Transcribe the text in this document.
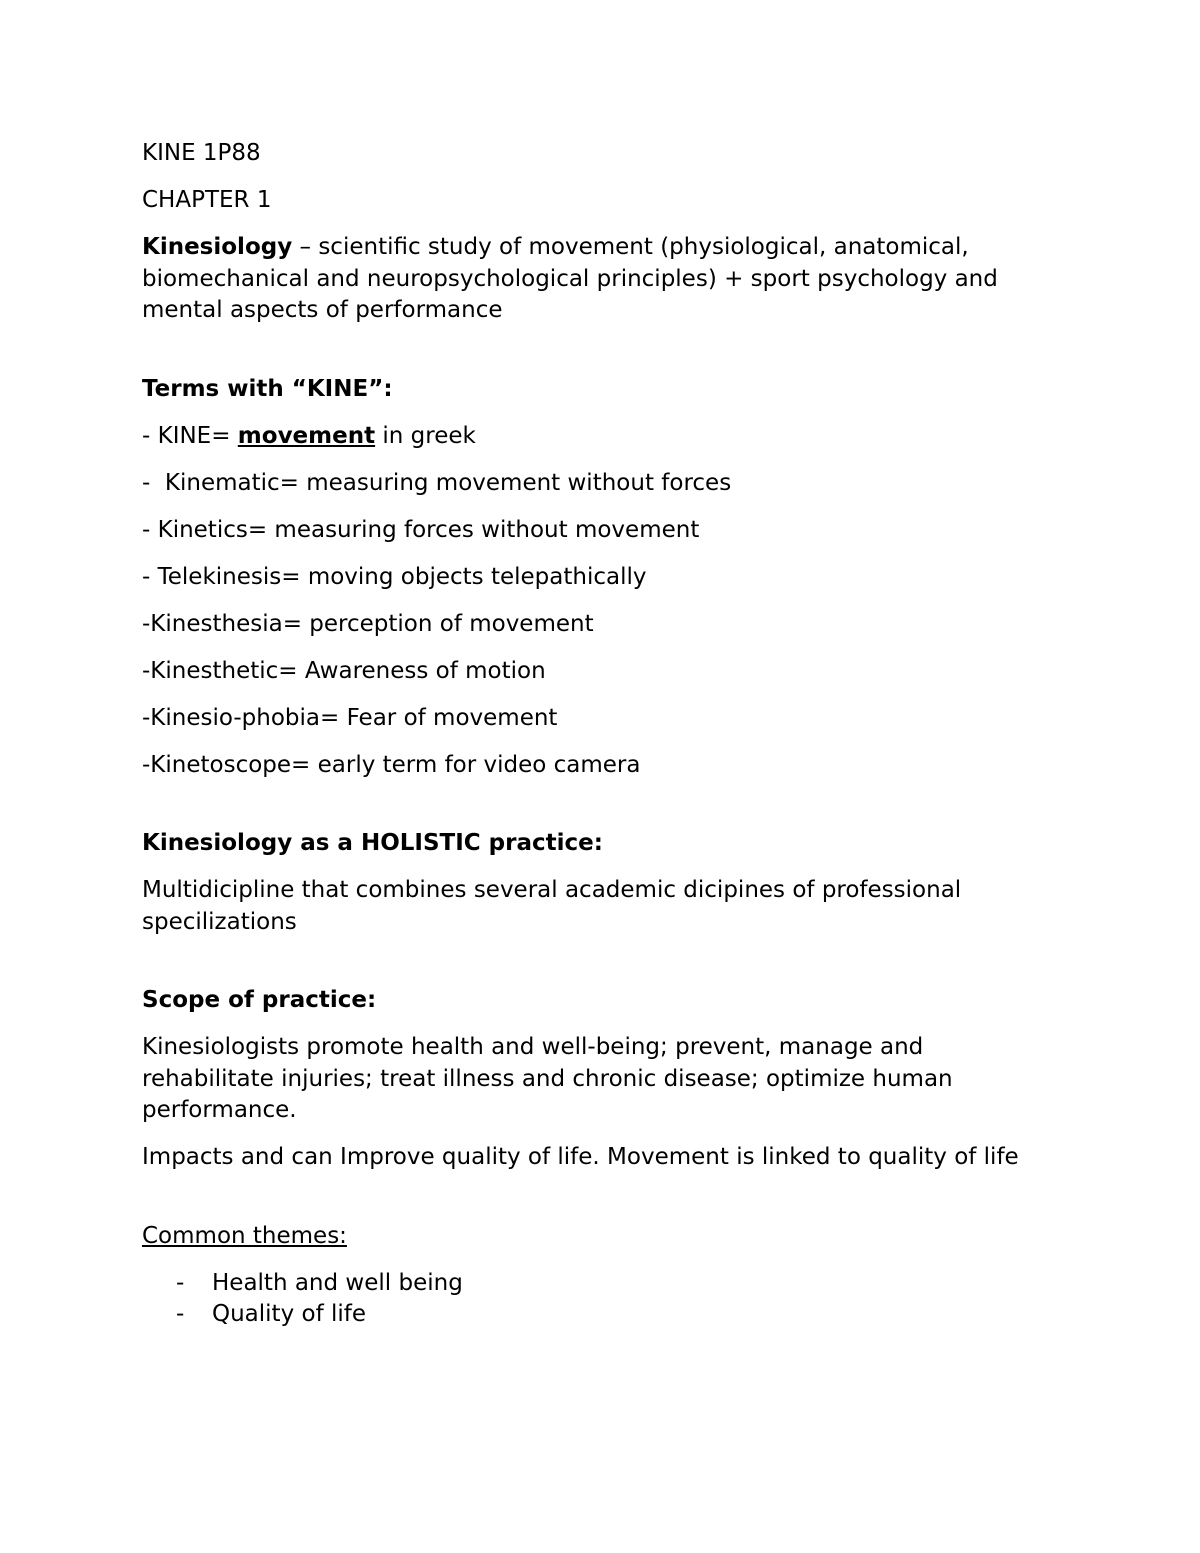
KINE 1P88

CHAPTER 1

Kinesiology – scientific study of movement (physiological, anatomical, biomechanical and neuropsychological principles) + sport psychology and mental aspects of performance

Terms with “KINE”:

- KINE= movement in greek

-  Kinematic= measuring movement without forces

- Kinetics= measuring forces without movement

- Telekinesis= moving objects telepathically

-Kinesthesia= perception of movement

-Kinesthetic= Awareness of motion

-Kinesio-phobia= Fear of movement

-Kinetoscope= early term for video camera

Kinesiology as a HOLISTIC practice:

Multidicipline that combines several academic dicipines of professional specilizations

Scope of practice:

Kinesiologists promote health and well-being; prevent, manage and rehabilitate injuries; treat illness and chronic disease; optimize human performance.

Impacts and can Improve quality of life. Movement is linked to quality of life

Common themes:

- Health and well being
- Quality of life
